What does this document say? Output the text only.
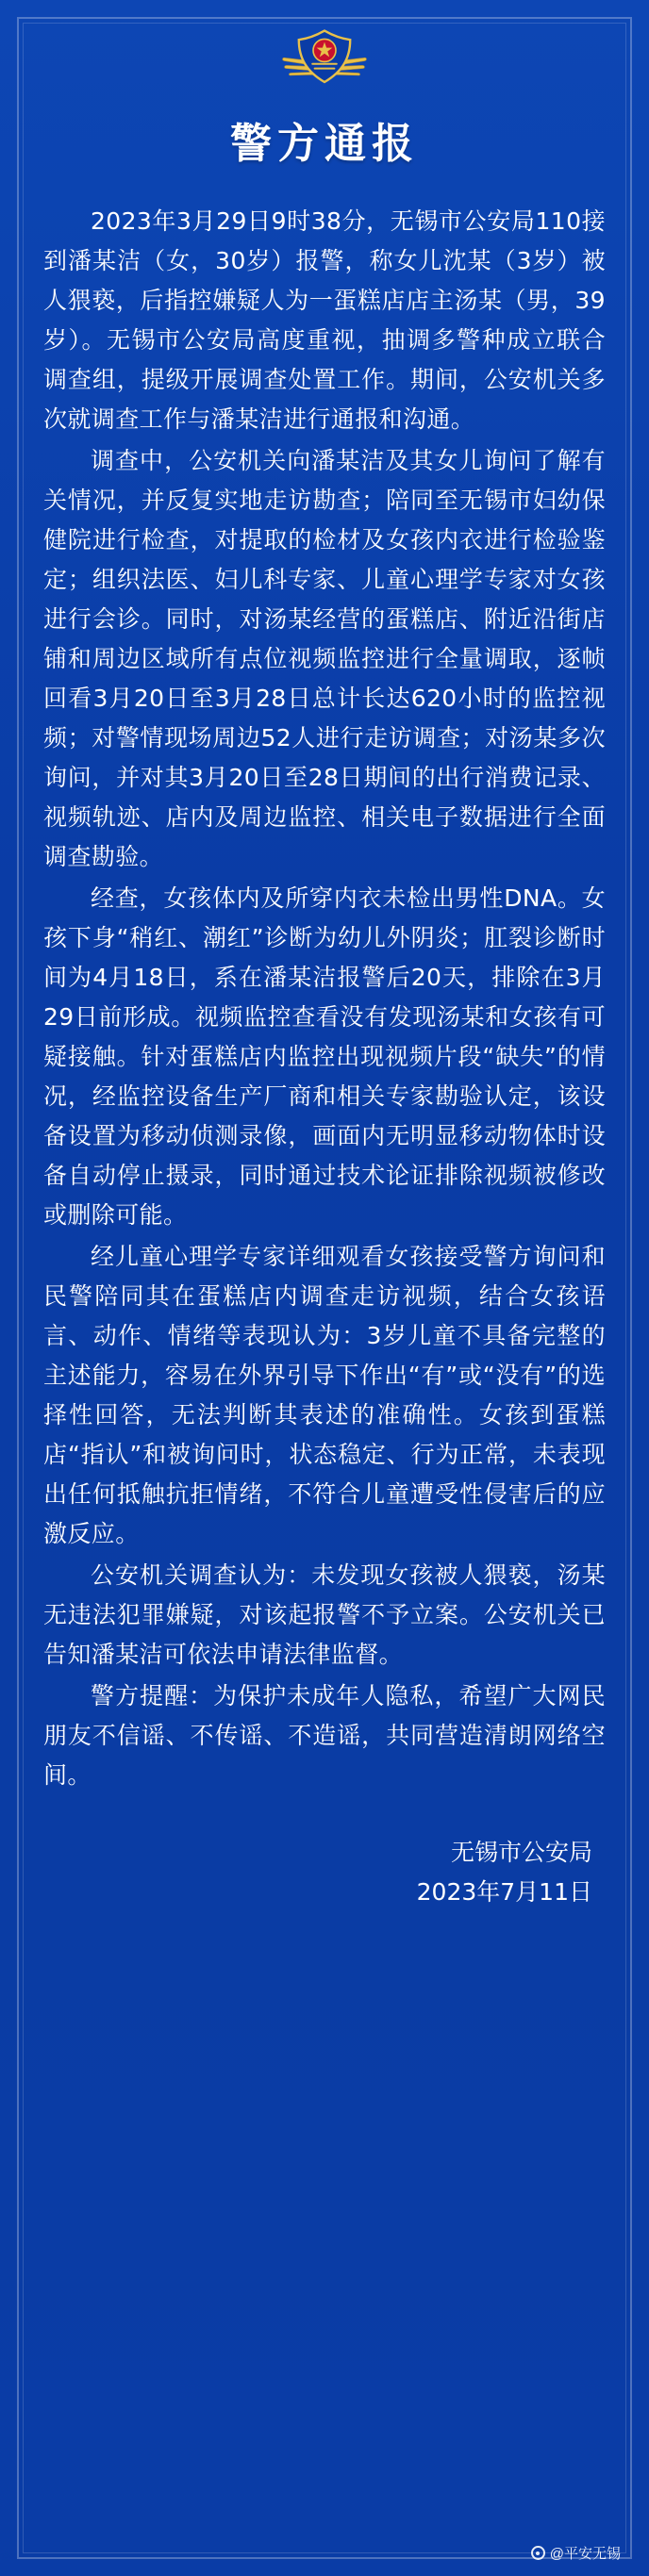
警方通报

2023年3月29日9时38分，无锡市公安局110接到潘某洁（女，30岁）报警，称女儿沈某（3岁）被人猥亵，后指控嫌疑人为一蛋糕店店主汤某（男，39岁）。无锡市公安局高度重视，抽调多警种成立联合调查组，提级开展调查处置工作。期间，公安机关多次就调查工作与潘某洁进行通报和沟通。

调查中，公安机关向潘某洁及其女儿询问了解有关情况，并反复实地走访勘查；陪同至无锡市妇幼保健院进行检查，对提取的检材及女孩内衣进行检验鉴定；组织法医、妇儿科专家、儿童心理学专家对女孩进行会诊。同时，对汤某经营的蛋糕店、附近沿街店铺和周边区域所有点位视频监控进行全量调取，逐帧回看3月20日至3月28日总计长达620小时的监控视频；对警情现场周边52人进行走访调查；对汤某多次询问，并对其3月20日至28日期间的出行消费记录、视频轨迹、店内及周边监控、相关电子数据进行全面调查勘验。

经查，女孩体内及所穿内衣未检出男性DNA。女孩下身“稍红、潮红”诊断为幼儿外阴炎；肛裂诊断时间为4月18日，系在潘某洁报警后20天，排除在3月29日前形成。视频监控查看没有发现汤某和女孩有可疑接触。针对蛋糕店内监控出现视频片段“缺失”的情况，经监控设备生产厂商和相关专家勘验认定，该设备设置为移动侦测录像，画面内无明显移动物体时设备自动停止摄录，同时通过技术论证排除视频被修改或删除可能。

经儿童心理学专家详细观看女孩接受警方询问和民警陪同其在蛋糕店内调查走访视频，结合女孩语言、动作、情绪等表现认为：3岁儿童不具备完整的主述能力，容易在外界引导下作出“有”或“没有”的选择性回答，无法判断其表述的准确性。女孩到蛋糕店“指认”和被询问时，状态稳定、行为正常，未表现出任何抵触抗拒情绪，不符合儿童遭受性侵害后的应激反应。

公安机关调查认为：未发现女孩被人猥亵，汤某无违法犯罪嫌疑，对该起报警不予立案。公安机关已告知潘某洁可依法申请法律监督。

警方提醒：为保护未成年人隐私，希望广大网民朋友不信谣、不传谣、不造谣，共同营造清朗网络空间。

无锡市公安局
2023年7月11日
@平安无锡
